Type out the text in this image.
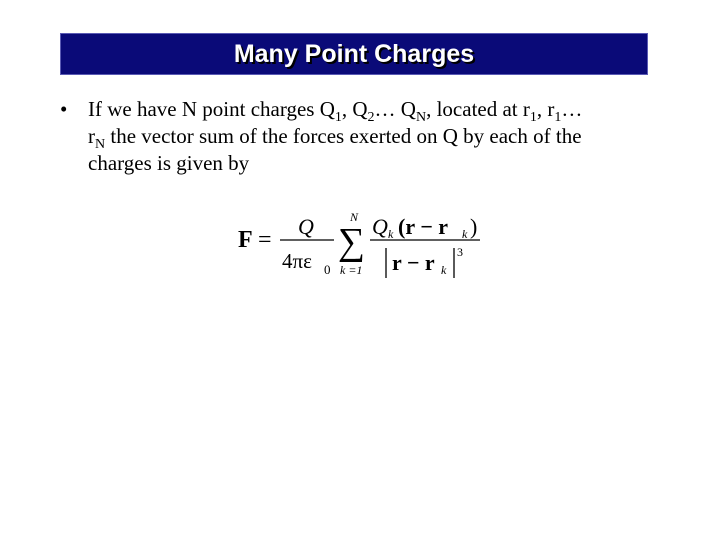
Many Point Charges
• If we have N point charges $Q_1$, $Q_2\dots$ $Q_N$, located at $r_1$, $r_1\dots$
$r_N$ the vector sum of the forces exerted on Q by each of the
charges is given by
F =
Q
4πε 0
N
∑
k =1
Q k (r − r k )
r − r k
3
